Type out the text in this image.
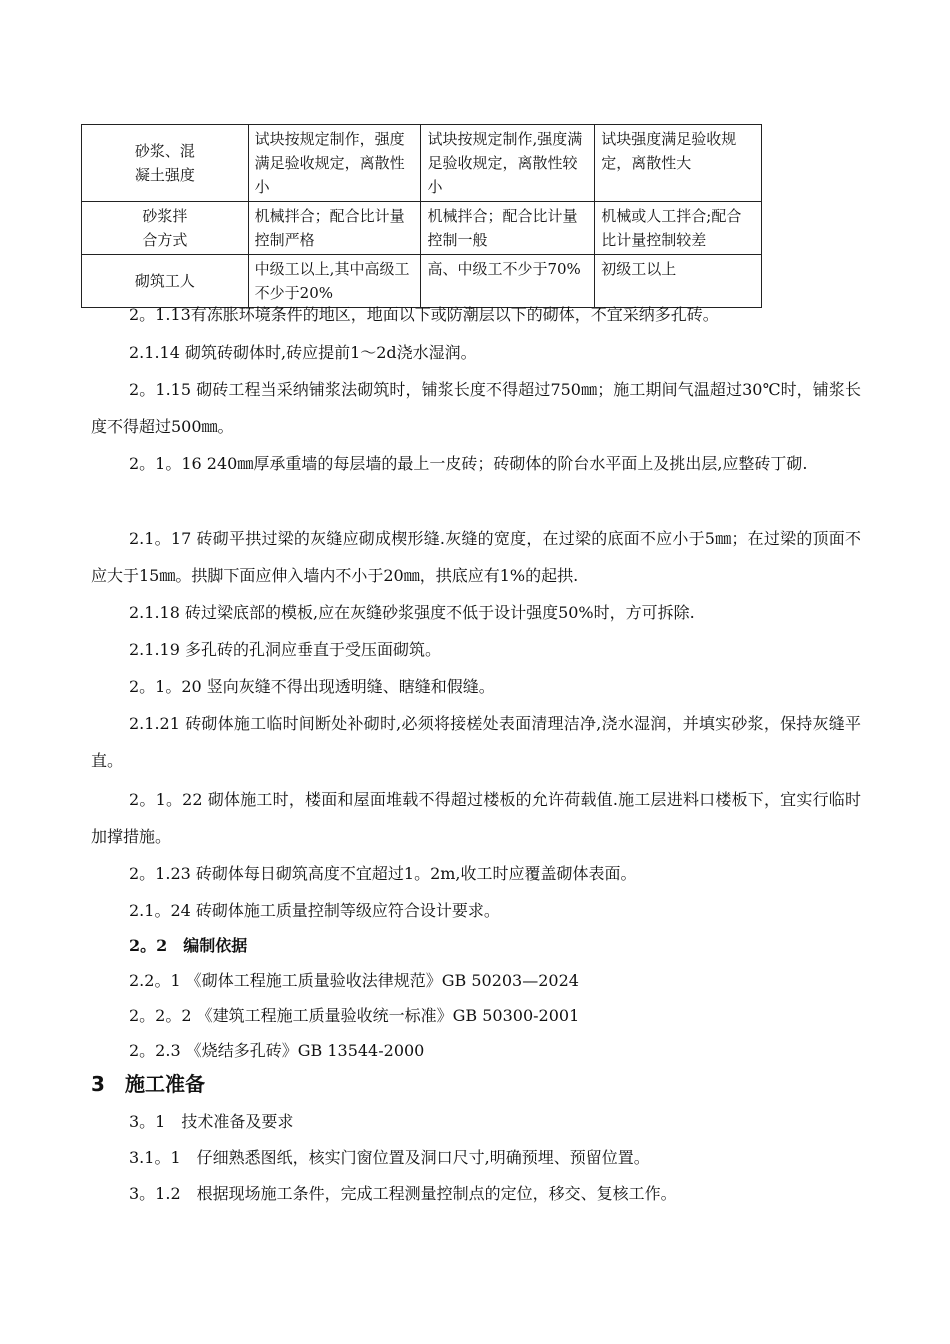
砂浆、混
凝土强度	试块按规定制作，强度满足验收规定，离散性小	试块按规定制作,强度满足验收规定，离散性较小	试块强度满足验收规定，离散性大
砂浆拌
合方式	机械拌合；配合比计量控制严格	机械拌合；配合比计量控制一般	机械或人工拌合;配合比计量控制较差
砌筑工人	中级工以上,其中高级工不少于20%	高、中级工不少于70%	初级工以上

2。1.13有冻胀环境条件的地区，地面以下或防潮层以下的砌体，不宜采纳多孔砖。

2.1.14 砌筑砖砌体时,砖应提前1～2d浇水湿润。

2。1.15 砌砖工程当采纳铺浆法砌筑时，铺浆长度不得超过750㎜；施工期间气温超过30℃时，铺浆长度不得超过500㎜。

2。1。16 240㎜厚承重墙的每层墙的最上一皮砖；砖砌体的阶台水平面上及挑出层,应整砖丁砌.

2.1。17 砖砌平拱过梁的灰缝应砌成楔形缝.灰缝的宽度，在过梁的底面不应小于5㎜；在过梁的顶面不应大于15㎜。拱脚下面应伸入墙内不小于20㎜，拱底应有1%的起拱.

2.1.18 砖过梁底部的模板,应在灰缝砂浆强度不低于设计强度50%时，方可拆除.

2.1.19 多孔砖的孔洞应垂直于受压面砌筑。

2。1。20 竖向灰缝不得出现透明缝、瞎缝和假缝。

2.1.21 砖砌体施工临时间断处补砌时,必须将接槎处表面清理洁净,浇水湿润，并填实砂浆，保持灰缝平直。

2。1。22 砌体施工时，楼面和屋面堆载不得超过楼板的允许荷载值.施工层进料口楼板下，宜实行临时加撑措施。

2。1.23 砖砌体每日砌筑高度不宜超过1。2m,收工时应覆盖砌体表面。

2.1。24 砖砌体施工质量控制等级应符合设计要求。

2。2　编制依据

2.2。1 《砌体工程施工质量验收法律规范》GB 50203—2024

2。2。2 《建筑工程施工质量验收统一标准》GB 50300-2001

2。2.3 《烧结多孔砖》GB 13544-2000

3 施工准备

3。1　技术准备及要求

3.1。1　仔细熟悉图纸，核实门窗位置及洞口尺寸,明确预埋、预留位置。

3。1.2　根据现场施工条件，完成工程测量控制点的定位，移交、复核工作。
